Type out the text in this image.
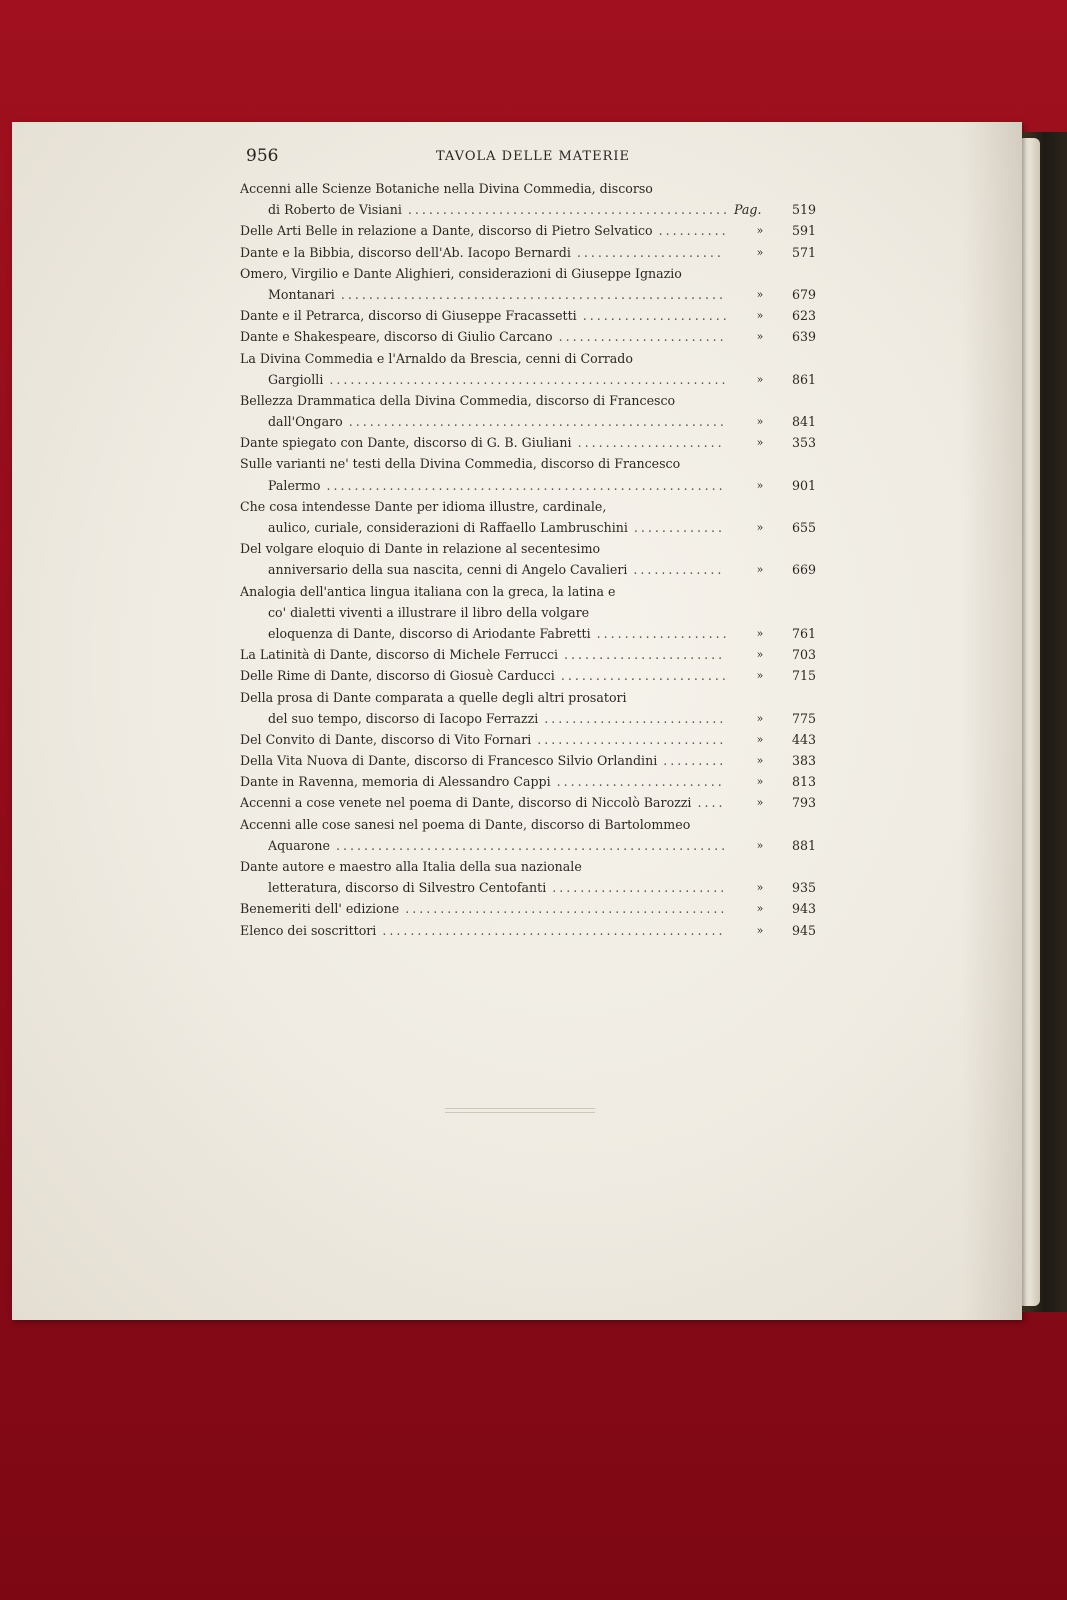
956	TAVOLA DELLE MATERIE
Accenni alle Scienze Botaniche nella Divina Commedia, discorso
di Roberto de Visiani .............................................. Pag.	519
Delle Arti Belle in relazione a Dante, discorso di Pietro Selvatico ..........	»	591
Dante e la Bibbia, discorso dell'Ab. Iacopo Bernardi .....................	»	571
Omero, Virgilio e Dante Alighieri, considerazioni di Giuseppe Ignazio
Montanari .......................................................	»	679
Dante e il Petrarca, discorso di Giuseppe Fracassetti .....................	»	623
Dante e Shakespeare, discorso di Giulio Carcano ........................	»	639
La Divina Commedia e l'Arnaldo da Brescia, cenni di Corrado
Gargiolli .........................................................	»	861
Bellezza Drammatica della Divina Commedia, discorso di Francesco
dall'Ongaro ......................................................	»	841
Dante spiegato con Dante, discorso di G. B. Giuliani .....................	»	353
Sulle varianti ne' testi della Divina Commedia, discorso di Francesco
Palermo .........................................................	»	901
Che cosa intendesse Dante per idioma illustre, cardinale,
aulico, curiale, considerazioni di Raffaello Lambruschini .............	»	655
Del volgare eloquio di Dante in relazione al secentesimo
anniversario della sua nascita, cenni di Angelo Cavalieri .............	»	669
Analogia dell'antica lingua italiana con la greca, la latina e
co' dialetti viventi a illustrare il libro della volgare
eloquenza di Dante, discorso di Ariodante Fabretti ...................	»	761
La Latinità di Dante, discorso di Michele Ferrucci .......................	»	703
Delle Rime di Dante, discorso di Giosuè Carducci ........................	»	715
Della prosa di Dante comparata a quelle degli altri prosatori
del suo tempo, discorso di Iacopo Ferrazzi ..........................	»	775
Del Convito di Dante, discorso di Vito Fornari ...........................	»	443
Della Vita Nuova di Dante, discorso di Francesco Silvio Orlandini .........	»	383
Dante in Ravenna, memoria di Alessandro Cappi ........................	»	813
Accenni a cose venete nel poema di Dante, discorso di Niccolò Barozzi ....	»	793
Accenni alle cose sanesi nel poema di Dante, discorso di Bartolommeo
Aquarone ........................................................	»	881
Dante autore e maestro alla Italia della sua nazionale
letteratura, discorso di Silvestro Centofanti .........................	»	935
Benemeriti dell' edizione ..............................................	»	943
Elenco dei soscrittori .................................................	»	945
